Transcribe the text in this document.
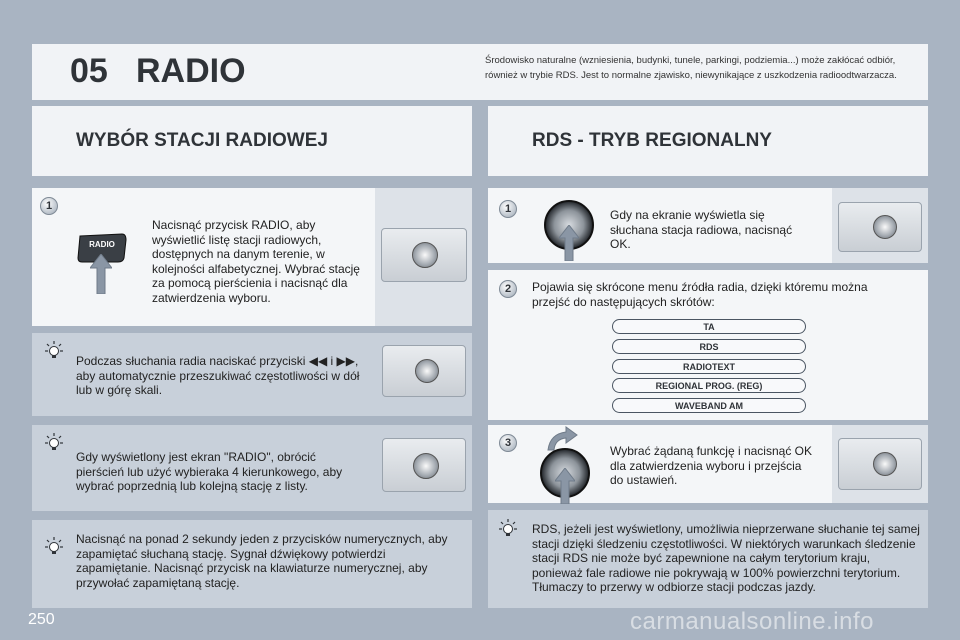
05 RADIO	Środowisko naturalne (wzniesienia, budynki, tunele, parkingi, podziemia...) może zakłócać odbiór, również w trybie RDS. Jest to normalne zjawisko, niewynikające z uszkodzenia radioodtwarzacza.
WYBÓR STACJI RADIOWEJ	RDS - TRYB REGIONALNY
1
RADIO
Nacisnąć przycisk RADIO, aby wyświetlić listę stacji radiowych, dostępnych na danym terenie, w kolejności alfabetycznej. Wybrać stację za pomocą pierścienia i nacisnąć dla zatwierdzenia wyboru.
Podczas słuchania radia naciskać przyciski ◀◀ i ▶▶, aby automatycznie przeszukiwać częstotliwości w dół lub w górę skali.
Gdy wyświetlony jest ekran "RADIO", obrócić pierścień lub użyć wybieraka 4 kierunkowego, aby wybrać poprzednią lub kolejną stację z listy.
Nacisnąć na ponad 2 sekundy jeden z przycisków numerycznych, aby zapamiętać słuchaną stację. Sygnał dźwiękowy potwierdzi zapamiętanie. Nacisnąć przycisk na klawiaturze numerycznej, aby przywołać zapamiętaną stację.
1	Gdy na ekranie wyświetla się słuchana stacja radiowa, nacisnąć OK.
2	Pojawia się skrócone menu źródła radia, dzięki któremu można przejść do następujących skrótów:
TA
RDS
RADIOTEXT
REGIONAL PROG. (REG)
WAVEBAND AM
3
Wybrać żądaną funkcję i nacisnąć OK dla zatwierdzenia wyboru i przejścia do ustawień.
RDS, jeżeli jest wyświetlony, umożliwia nieprzerwane słuchanie tej samej stacji dzięki śledzeniu częstotliwości. W niektórych warunkach śledzenie stacji RDS nie może być zapewnione na całym terytorium kraju, ponieważ fale radiowe nie pokrywają w 100% powierzchni terytorium. Tłumaczy to przerwy w odbiorze stacji podczas jazdy.
250	carmanualsonline.info
